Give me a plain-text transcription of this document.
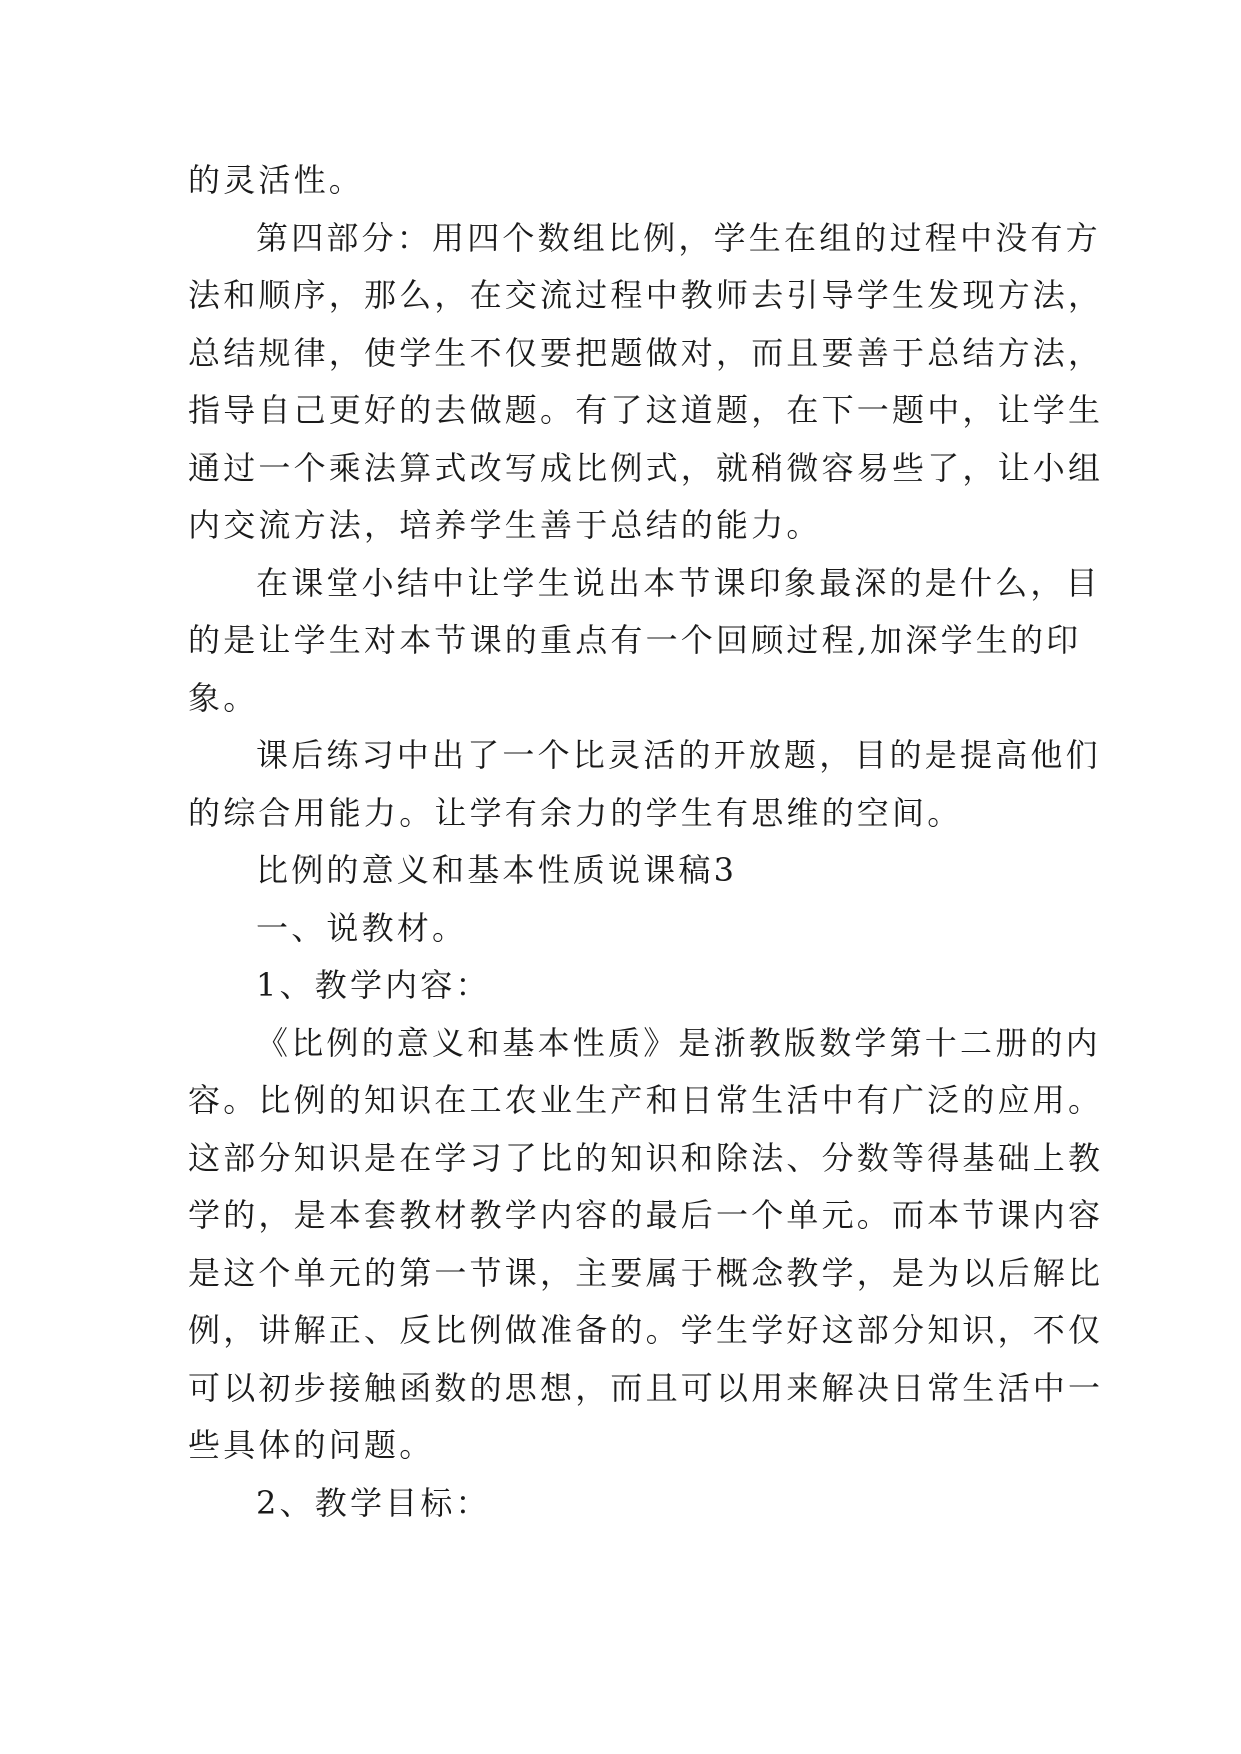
的灵活性。
第四部分：用四个数组比例，学生在组的过程中没有方
法和顺序，那么，在交流过程中教师去引导学生发现方法，
总结规律，使学生不仅要把题做对，而且要善于总结方法，
指导自己更好的去做题。有了这道题，在下一题中，让学生
通过一个乘法算式改写成比例式，就稍微容易些了，让小组
内交流方法，培养学生善于总结的能力。
在课堂小结中让学生说出本节课印象最深的是什么，目
的是让学生对本节课的重点有一个回顾过程,加深学生的印
象。
课后练习中出了一个比灵活的开放题，目的是提高他们
的综合用能力。让学有余力的学生有思维的空间。
比例的意义和基本性质说课稿3
一、说教材。
1、教学内容：
《比例的意义和基本性质》是浙教版数学第十二册的内
容。比例的知识在工农业生产和日常生活中有广泛的应用。
这部分知识是在学习了比的知识和除法、分数等得基础上教
学的，是本套教材教学内容的最后一个单元。而本节课内容
是这个单元的第一节课，主要属于概念教学，是为以后解比
例，讲解正、反比例做准备的。学生学好这部分知识，不仅
可以初步接触函数的思想，而且可以用来解决日常生活中一
些具体的问题。
2、教学目标：
